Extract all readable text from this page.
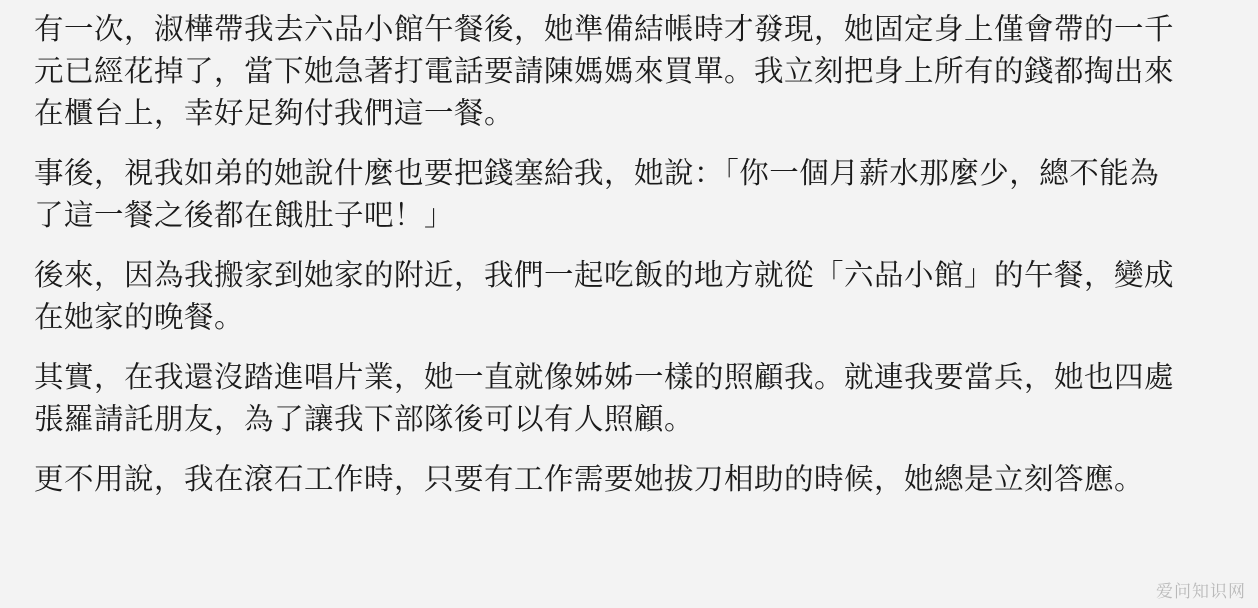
有一次，淑樺帶我去六品小館午餐後，她準備結帳時才發現，她固定身上僅會帶的一千元已經花掉了，當下她急著打電話要請陳媽媽來買單。我立刻把身上所有的錢都掏出來在櫃台上，幸好足夠付我們這一餐。

事後，視我如弟的她說什麼也要把錢塞給我，她說：「你一個月薪水那麼少，總不能為了這一餐之後都在餓肚子吧！」

後來，因為我搬家到她家的附近，我們一起吃飯的地方就從「六品小館」的午餐，變成在她家的晚餐。

其實，在我還沒踏進唱片業，她一直就像姊姊一樣的照顧我。就連我要當兵，她也四處張羅請託朋友，為了讓我下部隊後可以有人照顧。

更不用說，我在滾石工作時，只要有工作需要她拔刀相助的時候，她總是立刻答應。

爱问知识网
